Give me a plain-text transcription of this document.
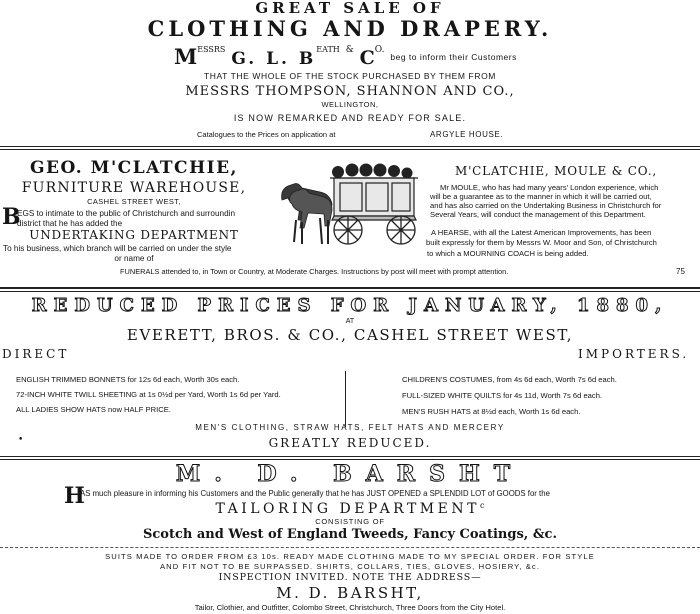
GREAT SALE OF
CLOTHING AND DRAPERY.
$M^{ESSRS}$ G. L. $B^{EATH}$ & $C^{O.}$ $^{beg to inform their Customers}$
THAT THE WHOLE OF THE STOCK PURCHASED BY THEM FROM
MESSRS THOMPSON, SHANNON AND CO.,
WELLINGTON,
IS NOW REMARKED AND READY FOR SALE.
Catalogues to the Prices on application at	ARGYLE HOUSE.
GEO. M'CLATCHIE,
FURNITURE WAREHOUSE,
CASHEL STREET WEST,
B
EGS to intimate to the public of Christchurch and surroundin
district that he has added the
UNDERTAKING DEPARTMENT
To his business, which branch will be carried on under the style
or name of
M'CLATCHIE, MOULE & CO.,
Mr MOULE, who has had many years' London experience, which
will be a guarantee as to the manner in which it will be carried out,
and has also carried on the Undertaking Business in Christchurch for
Several Years, will conduct the management of this Department.
A HEARSE, with all the Latest American Improvements, has been
built expressly for them by Messrs W. Moor and Son, of Christchurch
to which a MOURNING COACH is being added.
FUNERALS attended to, in Town or Country, at Moderate Charges. Instructions by post will meet with prompt attention.	75
REDUCED PRICES FOR JANUARY, 1880,
AT
EVERETT, BROS. & CO., CASHEL STREET WEST,
DIRECT	IMPORTERS.
ENGLISH TRIMMED BONNETS for 12s 6d each, Worth 30s each.
72-INCH WHITE TWILL SHEETING at 1s 0½d per Yard, Worth 1s 6d per Yard.
ALL LADIES SHOW HATS now HALF PRICE.
CHILDREN'S COSTUMES, from 4s 6d each, Worth 7s 6d each.
FULL-SIZED WHITE QUILTS for 4s 11d, Worth 7s 6d each.
MEN'S RUSH HATS at 8½d each, Worth 1s 6d each.
MEN'S CLOTHING, STRAW HATS, FELT HATS AND MERCERY
GREATLY REDUCED.
•
M. D. BARSHT
H
AS much pleasure in informing his Customers and the Public generally that he has JUST OPENED a SPLENDID LOT of GOODS for the
TAILORING DEPARTMENT$^c$
CONSISTING OF
Scotch and West of England Tweeds, Fancy Coatings, &c.
SUITS MADE TO ORDER FROM £3 10s. READY MADE CLOTHING MADE TO MY SPECIAL ORDER. FOR STYLE
AND FIT NOT TO BE SURPASSED. SHIRTS, COLLARS, TIES, GLOVES, HOSIERY, &c.
INSPECTION INVITED. NOTE THE ADDRESS—
M. D. BARSHT,
Tailor, Clothier, and Outfitter, Colombo Street, Christchurch, Three Doors from the City Hotel.
